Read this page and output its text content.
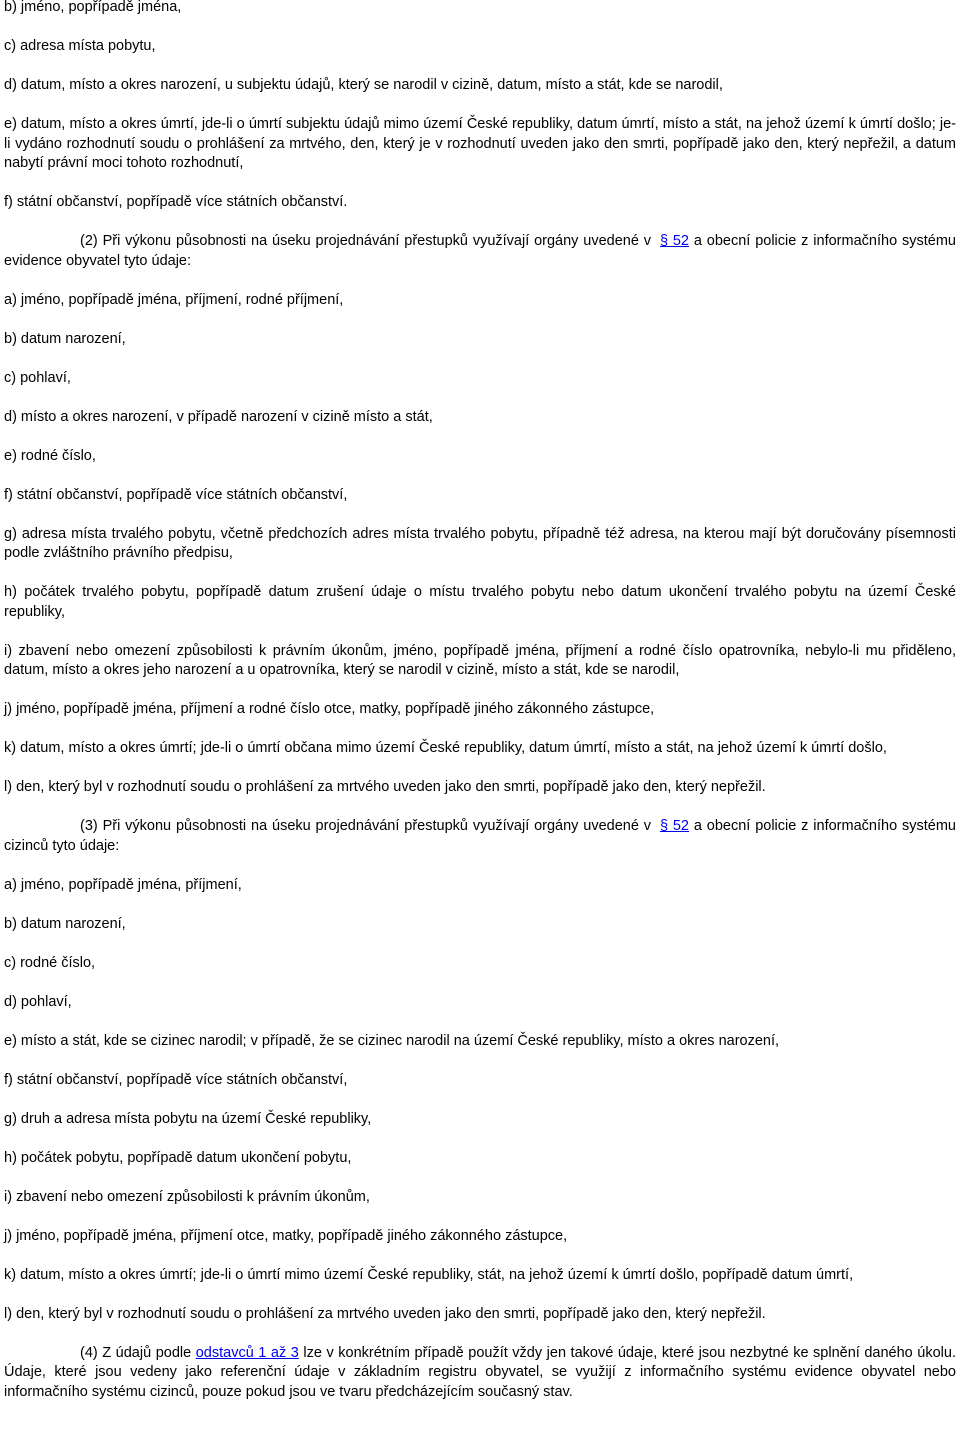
b) jméno, popřípadě jména,

c) adresa místa pobytu,

d) datum, místo a okres narození, u subjektu údajů, který se narodil v cizině, datum, místo a stát, kde se narodil,

e) datum, místo a okres úmrtí, jde-li o úmrtí subjektu údajů mimo území České republiky, datum úmrtí, místo a stát, na jehož území k úmrtí došlo; je-li vydáno rozhodnutí soudu o prohlášení za mrtvého, den, který je v rozhodnutí uveden jako den smrti, popřípadě jako den, který nepřežil, a datum nabytí právní moci tohoto rozhodnutí,

f) státní občanství, popřípadě více státních občanství.

(2) Při výkonu působnosti na úseku projednávání přestupků využívají orgány uvedené v § 52 a obecní policie z informačního systému evidence obyvatel tyto údaje:

a) jméno, popřípadě jména, příjmení, rodné příjmení,

b) datum narození,

c) pohlaví,

d) místo a okres narození, v případě narození v cizině místo a stát,

e) rodné číslo,

f) státní občanství, popřípadě více státních občanství,

g) adresa místa trvalého pobytu, včetně předchozích adres místa trvalého pobytu, případně též adresa, na kterou mají být doručovány písemnosti podle zvláštního právního předpisu,

h) počátek trvalého pobytu, popřípadě datum zrušení údaje o místu trvalého pobytu nebo datum ukončení trvalého pobytu na území České republiky,

i) zbavení nebo omezení způsobilosti k právním úkonům, jméno, popřípadě jména, příjmení a rodné číslo opatrovníka, nebylo-li mu přiděleno, datum, místo a okres jeho narození a u opatrovníka, který se narodil v cizině, místo a stát, kde se narodil,

j) jméno, popřípadě jména, příjmení a rodné číslo otce, matky, popřípadě jiného zákonného zástupce,

k) datum, místo a okres úmrtí; jde-li o úmrtí občana mimo území České republiky, datum úmrtí, místo a stát, na jehož území k úmrtí došlo,

l) den, který byl v rozhodnutí soudu o prohlášení za mrtvého uveden jako den smrti, popřípadě jako den, který nepřežil.

(3) Při výkonu působnosti na úseku projednávání přestupků využívají orgány uvedené v § 52 a obecní policie z informačního systému cizinců tyto údaje:

a) jméno, popřípadě jména, příjmení,

b) datum narození,

c) rodné číslo,

d) pohlaví,

e) místo a stát, kde se cizinec narodil; v případě, že se cizinec narodil na území České republiky, místo a okres narození,

f) státní občanství, popřípadě více státních občanství,

g) druh a adresa místa pobytu na území České republiky,

h) počátek pobytu, popřípadě datum ukončení pobytu,

i) zbavení nebo omezení způsobilosti k právním úkonům,

j) jméno, popřípadě jména, příjmení otce, matky, popřípadě jiného zákonného zástupce,

k) datum, místo a okres úmrtí; jde-li o úmrtí mimo území České republiky, stát, na jehož území k úmrtí došlo, popřípadě datum úmrtí,

l) den, který byl v rozhodnutí soudu o prohlášení za mrtvého uveden jako den smrti, popřípadě jako den, který nepřežil.

(4) Z údajů podle odstavců 1 až 3 lze v konkrétním případě použít vždy jen takové údaje, které jsou nezbytné ke splnění daného úkolu. Údaje, které jsou vedeny jako referenční údaje v základním registru obyvatel, se využijí z informačního systému evidence obyvatel nebo informačního systému cizinců, pouze pokud jsou ve tvaru předcházejícím současný stav.
